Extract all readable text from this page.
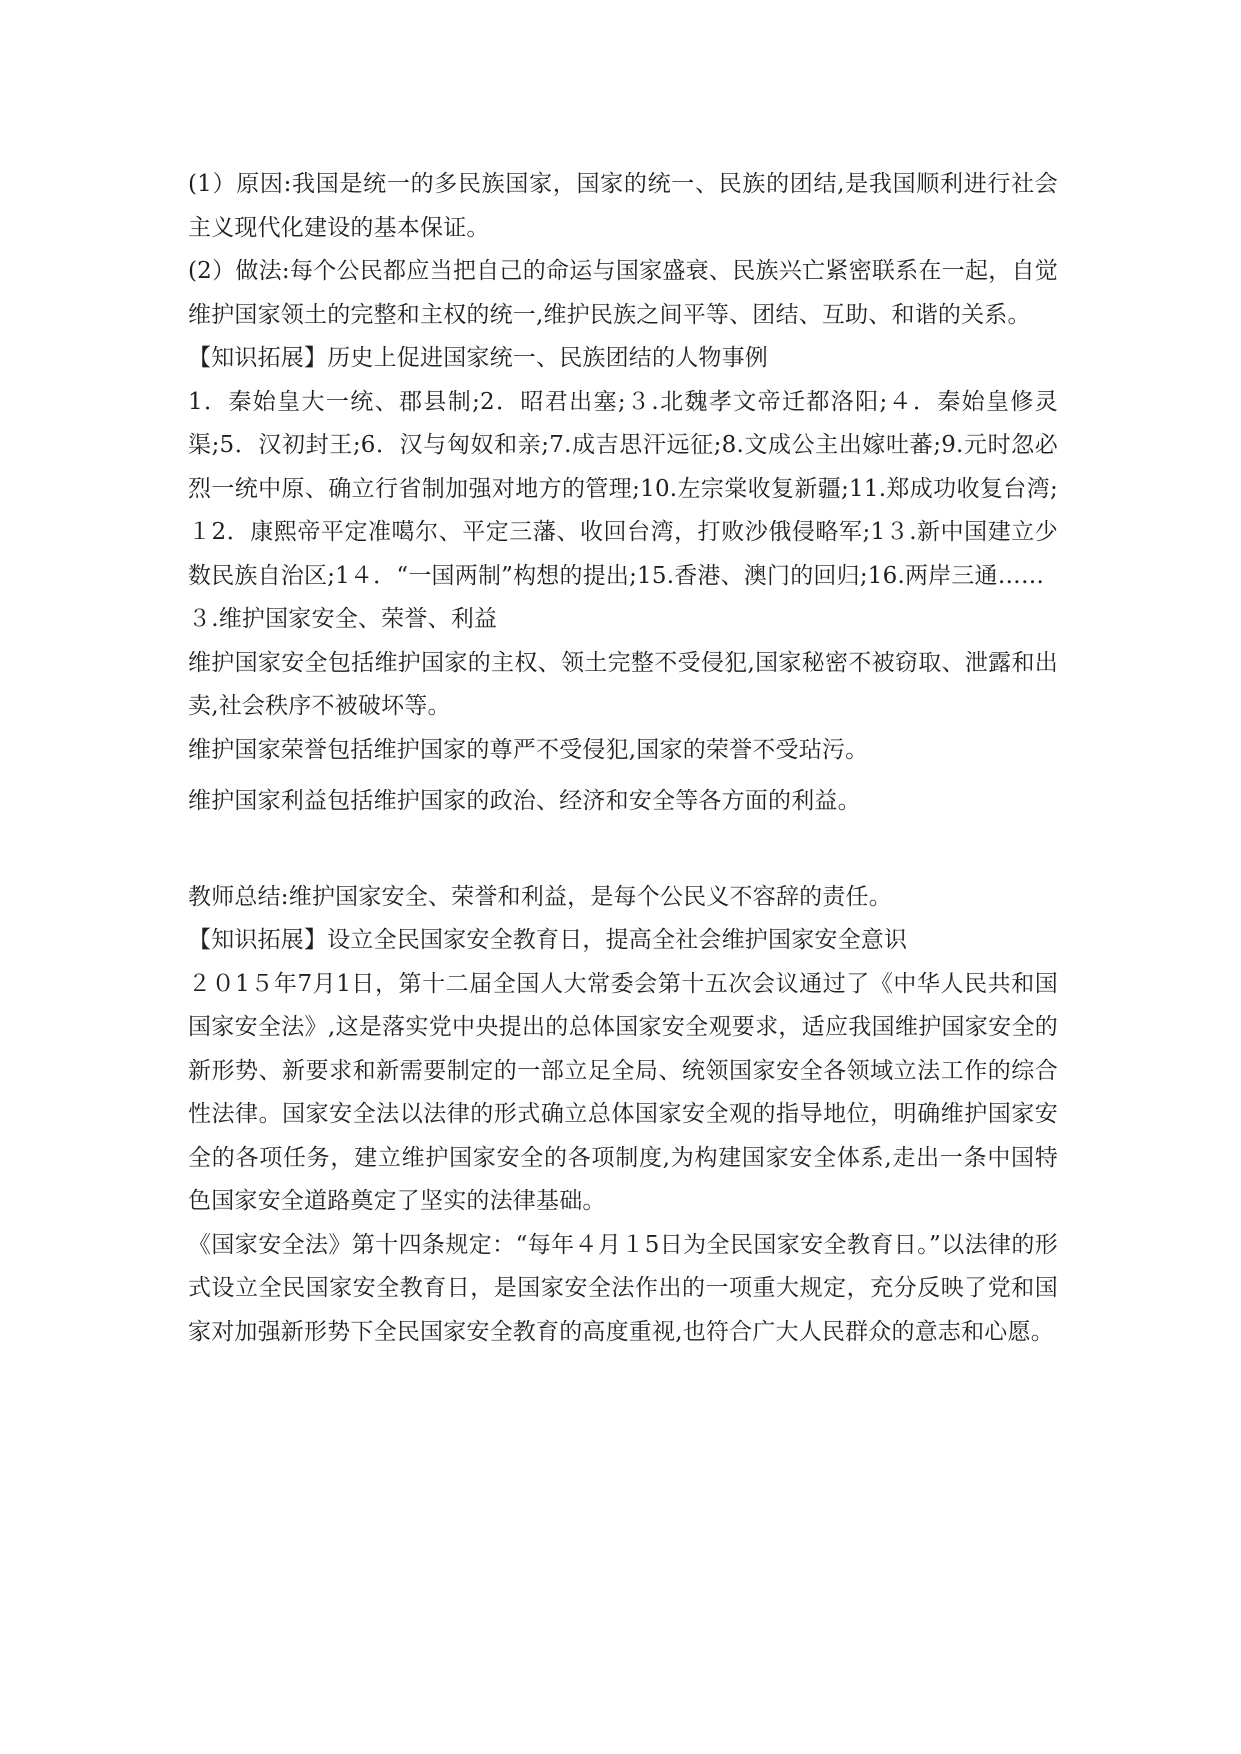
(1）原因:我国是统一的多民族国家，国家的统一、民族的团结,是我国顺利进行社会主义现代化建设的基本保证。

(2）做法:每个公民都应当把自己的命运与国家盛衰、民族兴亡紧密联系在一起，自觉维护国家领土的完整和主权的统一,维护民族之间平等、团结、互助、和谐的关系。

【知识拓展】历史上促进国家统一、民族团结的人物事例

1．秦始皇大一统、郡县制;2．昭君出塞;３.北魏孝文帝迁都洛阳;４．秦始皇修灵渠;5．汉初封王;6．汉与匈奴和亲;7.成吉思汗远征;8.文成公主出嫁吐蕃;9.元时忽必烈一统中原、确立行省制加强对地方的管理;10.左宗棠收复新疆;11.郑成功收复台湾;１2．康熙帝平定准噶尔、平定三藩、收回台湾，打败沙俄侵略军;1３.新中国建立少数民族自治区;1４．“一国两制”构想的提出;15.香港、澳门的回归;16.两岸三通……

３.维护国家安全、荣誉、利益

维护国家安全包括维护国家的主权、领土完整不受侵犯,国家秘密不被窃取、泄露和出卖,社会秩序不被破坏等。

维护国家荣誉包括维护国家的尊严不受侵犯,国家的荣誉不受玷污。

维护国家利益包括维护国家的政治、经济和安全等各方面的利益。

教师总结:维护国家安全、荣誉和利益，是每个公民义不容辞的责任。

【知识拓展】设立全民国家安全教育日，提高全社会维护国家安全意识

２０1５年7月1日，第十二届全国人大常委会第十五次会议通过了《中华人民共和国国家安全法》,这是落实党中央提出的总体国家安全观要求，适应我国维护国家安全的新形势、新要求和新需要制定的一部立足全局、统领国家安全各领域立法工作的综合性法律。国家安全法以法律的形式确立总体国家安全观的指导地位，明确维护国家安全的各项任务，建立维护国家安全的各项制度,为构建国家安全体系,走出一条中国特色国家安全道路奠定了坚实的法律基础。

《国家安全法》第十四条规定：“每年４月１5日为全民国家安全教育日。”以法律的形式设立全民国家安全教育日，是国家安全法作出的一项重大规定，充分反映了党和国家对加强新形势下全民国家安全教育的高度重视,也符合广大人民群众的意志和心愿。
